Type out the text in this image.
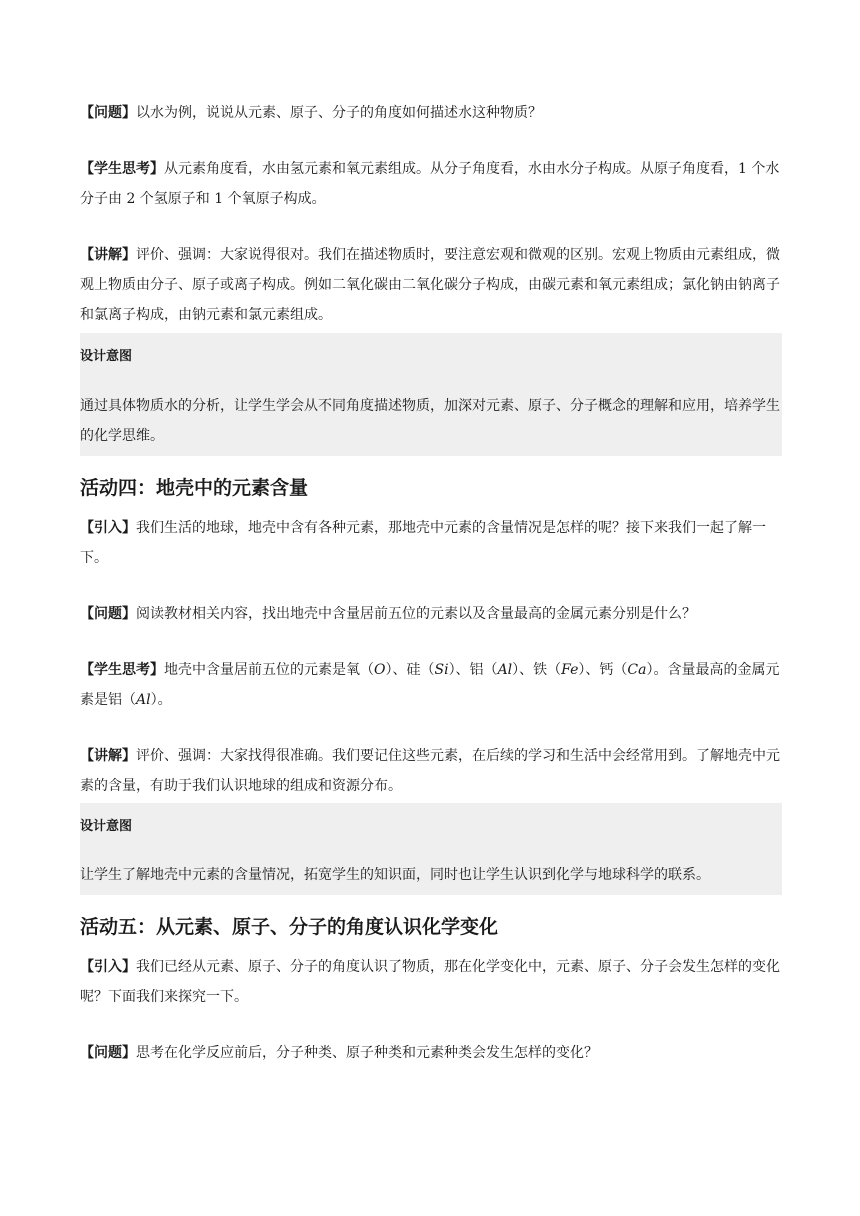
【问题】以水为例，说说从元素、原子、分子的角度如何描述水这种物质？

【学生思考】从元素角度看，水由氢元素和氧元素组成。从分子角度看，水由水分子构成。从原子角度看，1 个水分子由 2 个氢原子和 1 个氧原子构成。

【讲解】评价、强调：大家说得很对。我们在描述物质时，要注意宏观和微观的区别。宏观上物质由元素组成，微观上物质由分子、原子或离子构成。例如二氧化碳由二氧化碳分子构成，由碳元素和氧元素组成；氯化钠由钠离子和氯离子构成，由钠元素和氯元素组成。

设计意图

通过具体物质水的分析，让学生学会从不同角度描述物质，加深对元素、原子、分子概念的理解和应用，培养学生的化学思维。

活动四：地壳中的元素含量

【引入】我们生活的地球，地壳中含有各种元素，那地壳中元素的含量情况是怎样的呢？接下来我们一起了解一下。

【问题】阅读教材相关内容，找出地壳中含量居前五位的元素以及含量最高的金属元素分别是什么？

【学生思考】地壳中含量居前五位的元素是氧（O）、硅（Si）、铝（Al）、铁（Fe）、钙（Ca）。含量最高的金属元素是铝（Al）。

【讲解】评价、强调：大家找得很准确。我们要记住这些元素，在后续的学习和生活中会经常用到。了解地壳中元素的含量，有助于我们认识地球的组成和资源分布。

设计意图

让学生了解地壳中元素的含量情况，拓宽学生的知识面，同时也让学生认识到化学与地球科学的联系。

活动五：从元素、原子、分子的角度认识化学变化

【引入】我们已经从元素、原子、分子的角度认识了物质，那在化学变化中，元素、原子、分子会发生怎样的变化呢？下面我们来探究一下。

【问题】思考在化学反应前后，分子种类、原子种类和元素种类会发生怎样的变化？
